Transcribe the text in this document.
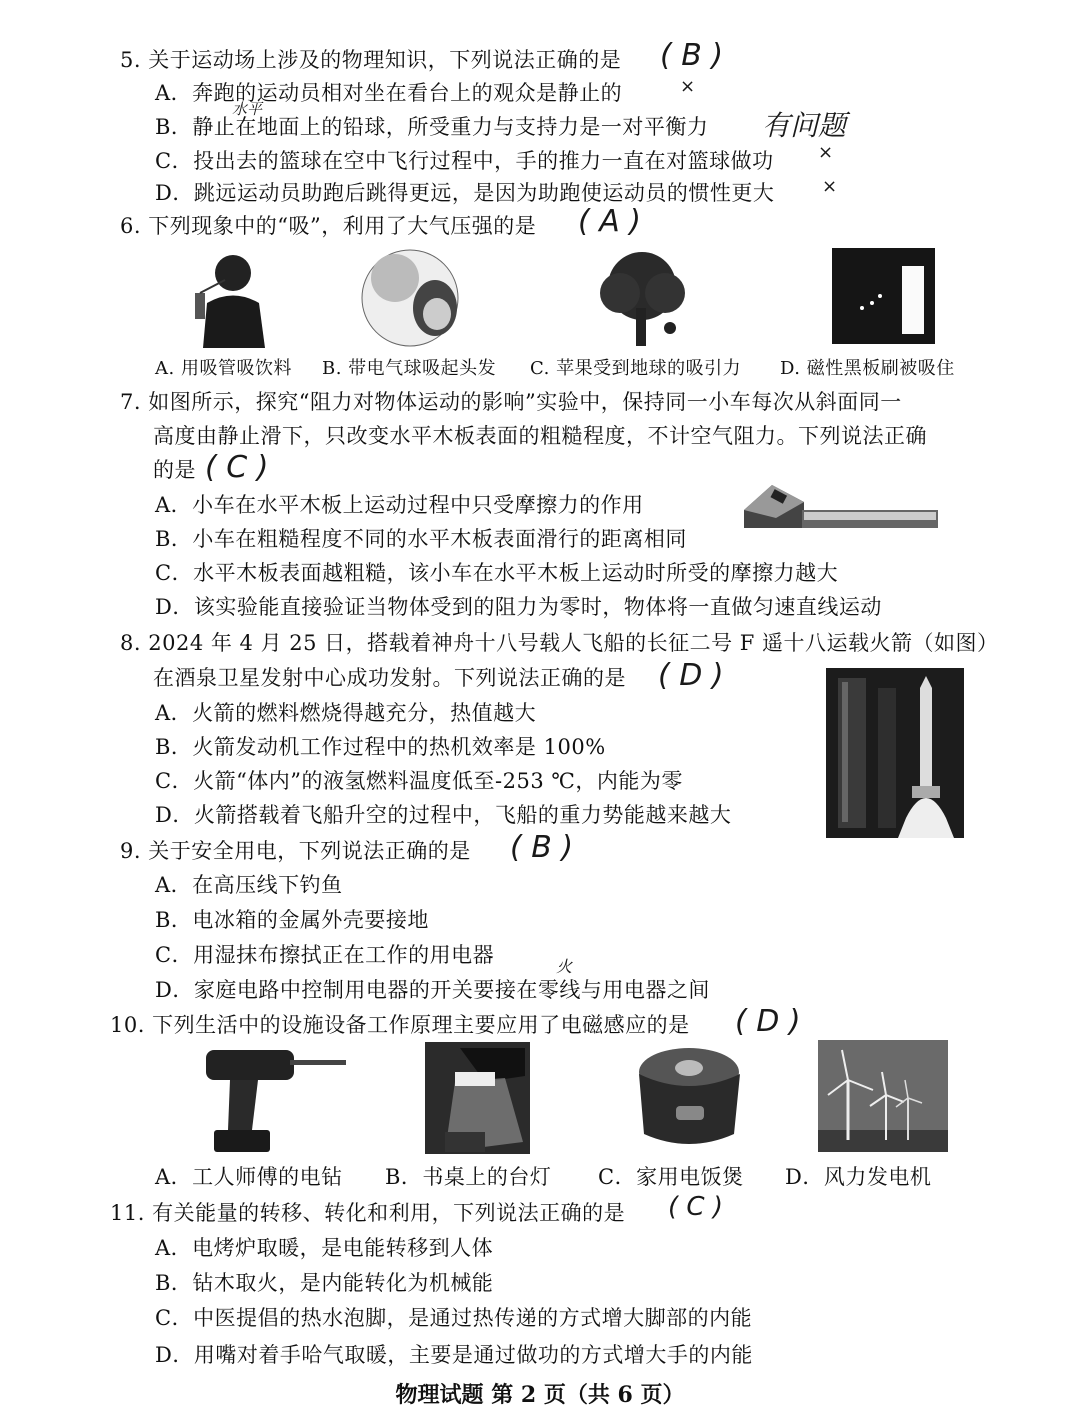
5. 关于运动场上涉及的物理知识，下列说法正确的是 ( B )
A．奔跑的运动员相对坐在看台上的观众是静止的	×
水平
B．静止在地面上的铅球，所受重力与支持力是一对平衡力 有问题
C．投出去的篮球在空中飞行过程中，手的推力一直在对篮球做功 ×
D．跳远运动员助跑后跳得更远，是因为助跑使运动员的惯性更大	×
6. 下列现象中的“吸”，利用了大气压强的是 ( A )
A. 用吸管吸饮料 B. 带电气球吸起头发 C. 苹果受到地球的吸引力 D. 磁性黑板刷被吸住
7. 如图所示，探究“阻力对物体运动的影响”实验中，保持同一小车每次从斜面同一
高度由静止滑下，只改变水平木板表面的粗糙程度，不计空气阻力。下列说法正确
的是 ( C )
A．小车在水平木板上运动过程中只受摩擦力的作用
B．小车在粗糙程度不同的水平木板表面滑行的距离相同
C．水平木板表面越粗糙，该小车在水平木板上运动时所受的摩擦力越大
D．该实验能直接验证当物体受到的阻力为零时，物体将一直做匀速直线运动
8. 2024 年 4 月 25 日，搭载着神舟十八号载人飞船的长征二号 F 遥十八运载火箭（如图）
在酒泉卫星发射中心成功发射。下列说法正确的是 ( D )
A．火箭的燃料燃烧得越充分，热值越大
B．火箭发动机工作过程中的热机效率是 100%
C．火箭“体内”的液氢燃料温度低至-253 ℃，内能为零
D．火箭搭载着飞船升空的过程中，飞船的重力势能越来越大
9. 关于安全用电，下列说法正确的是 ( B )
A．在高压线下钓鱼
B．电冰箱的金属外壳要接地
C．用湿抹布擦拭正在工作的用电器	火
D．家庭电路中控制用电器的开关要接在零线与用电器之间
10. 下列生活中的设施设备工作原理主要应用了电磁感应的是 ( D )
A．工人师傅的电钻 B．书桌上的台灯 C．家用电饭煲 D．风力发电机
11. 有关能量的转移、转化和利用，下列说法正确的是 ( C )
A．电烤炉取暖，是电能转移到人体
B．钻木取火，是内能转化为机械能
C．中医提倡的热水泡脚，是通过热传递的方式增大脚部的内能
D．用嘴对着手哈气取暖，主要是通过做功的方式增大手的内能
物理试题 第 2 页（共 6 页）
